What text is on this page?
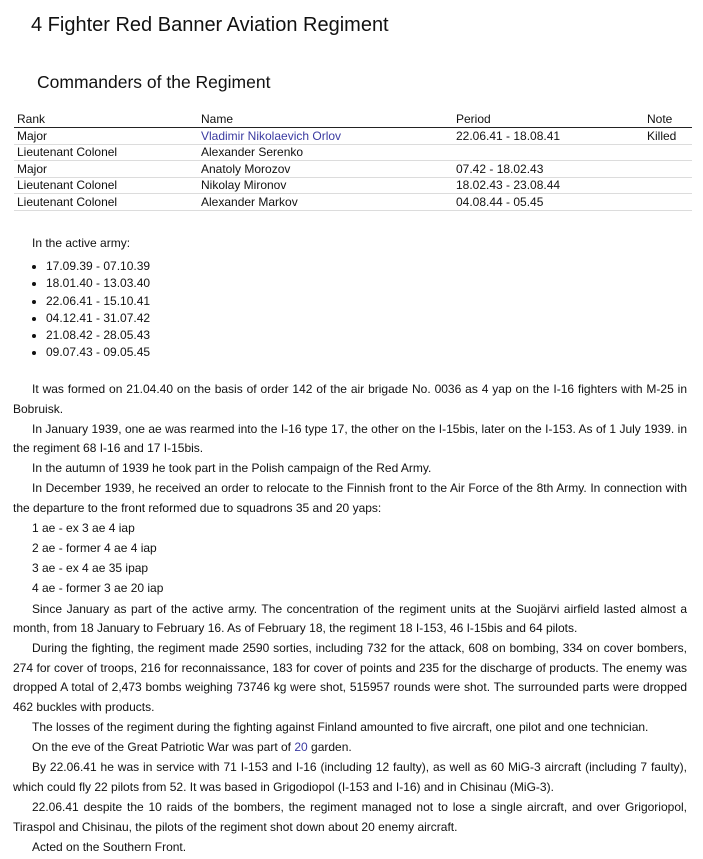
4 Fighter Red Banner Aviation Regiment
Commanders of the Regiment
Rank	Name	Period	Note
Major	Vladimir Nikolaevich Orlov	22.06.41 - 18.08.41	Killed
Lieutenant Colonel	Alexander Serenko		
Major	Anatoly Morozov	07.42 - 18.02.43	
Lieutenant Colonel	Nikolay Mironov	18.02.43 - 23.08.44	
Lieutenant Colonel	Alexander Markov	04.08.44 - 05.45	
In the active army:
• 17.09.39 - 07.10.39
• 18.01.40 - 13.03.40
• 22.06.41 - 15.10.41
• 04.12.41 - 31.07.42
• 21.08.42 - 28.05.43
• 09.07.43 - 09.05.45

It was formed on 21.04.40 on the basis of order 142 of the air brigade No. 0036 as 4 yap on the I-16 fighters with M-25 in Bobruisk.

In January 1939, one ae was rearmed into the I-16 type 17, the other on the I-15bis, later on the I-153. As of 1 July 1939. in the regiment 68 I-16 and 17 I-15bis.

In the autumn of 1939 he took part in the Polish campaign of the Red Army.

In December 1939, he received an order to relocate to the Finnish front to the Air Force of the 8th Army. In connection with the departure to the front reformed due to squadrons 35 and 20 yaps:

1 ae - ex 3 ae 4 iap

2 ae - former 4 ae 4 iap

3 ae - ex 4 ae 35 ipap

4 ae - former 3 ae 20 iap

Since January as part of the active army. The concentration of the regiment units at the Suojärvi airfield lasted almost a month, from 18 January to February 16. As of February 18, the regiment 18 I-153, 46 I-15bis and 64 pilots.

During the fighting, the regiment made 2590 sorties, including 732 for the attack, 608 on bombing, 334 on cover bombers, 274 for cover of troops, 216 for reconnaissance, 183 for cover of points and 235 for the discharge of products. The enemy was dropped A total of 2,473 bombs weighing 73746 kg were shot, 515957 rounds were shot. The surrounded parts were dropped 462 buckles with products.

The losses of the regiment during the fighting against Finland amounted to five aircraft, one pilot and one technician.

On the eve of the Great Patriotic War was part of 20 garden.

By 22.06.41 he was in service with 71 I-153 and I-16 (including 12 faulty), as well as 60 MiG-3 aircraft (including 7 faulty), which could fly 22 pilots from 52. It was based in Grigodiopol (I-153 and I-16) and in Chisinau (MiG-3).

22.06.41 despite the 10 raids of the bombers, the regiment managed not to lose a single aircraft, and over Grigoriopol, Tiraspol and Chisinau, the pilots of the regiment shot down about 20 enemy aircraft.

Acted on the Southern Front.
